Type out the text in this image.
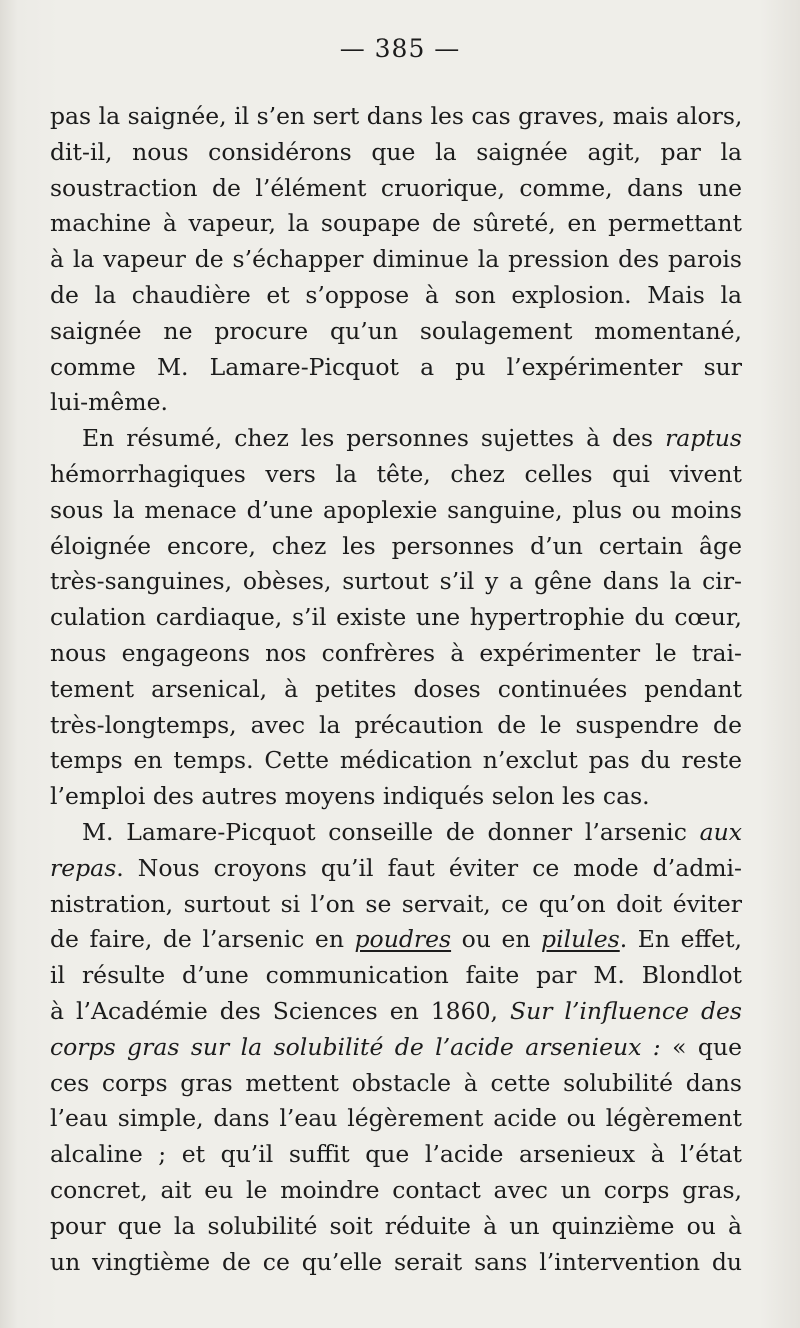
— 385 —
pas la saignée, il s’en sert dans les cas graves, mais alors,
dit-il, nous considérons que la saignée agit, par la
soustraction de l’élément cruorique, comme, dans une
machine à vapeur, la soupape de sûreté, en permettant
à la vapeur de s’échapper diminue la pression des parois
de la chaudière et s’oppose à son explosion. Mais la
saignée ne procure qu’un soulagement momentané,
comme M. Lamare-Picquot a pu l’expérimenter sur
lui-même.
En résumé, chez les personnes sujettes à des raptus
hémorrhagiques vers la tête, chez celles qui vivent
sous la menace d’une apoplexie sanguine, plus ou moins
éloignée encore, chez les personnes d’un certain âge
très-sanguines, obèses, surtout s’il y a gêne dans la cir-
culation cardiaque, s’il existe une hypertrophie du cœur,
nous engageons nos confrères à expérimenter le trai-
tement arsenical, à petites doses continuées pendant
très-longtemps, avec la précaution de le suspendre de
temps en temps. Cette médication n’exclut pas du reste
l’emploi des autres moyens indiqués selon les cas.
M. Lamare-Picquot conseille de donner l’arsenic aux
repas. Nous croyons qu’il faut éviter ce mode d’admi-
nistration, surtout si l’on se servait, ce qu’on doit éviter
de faire, de l’arsenic en poudres ou en pilules. En effet,
il résulte d’une communication faite par M. Blondlot
à l’Académie des Sciences en 1860, Sur l’influence des
corps gras sur la solubilité de l’acide arsenieux : « que
ces corps gras mettent obstacle à cette solubilité dans
l’eau simple, dans l’eau légèrement acide ou légèrement
alcaline ; et qu’il suffit que l’acide arsenieux à l’état
concret, ait eu le moindre contact avec un corps gras,
pour que la solubilité soit réduite à un quinzième ou à
un vingtième de ce qu’elle serait sans l’intervention du
